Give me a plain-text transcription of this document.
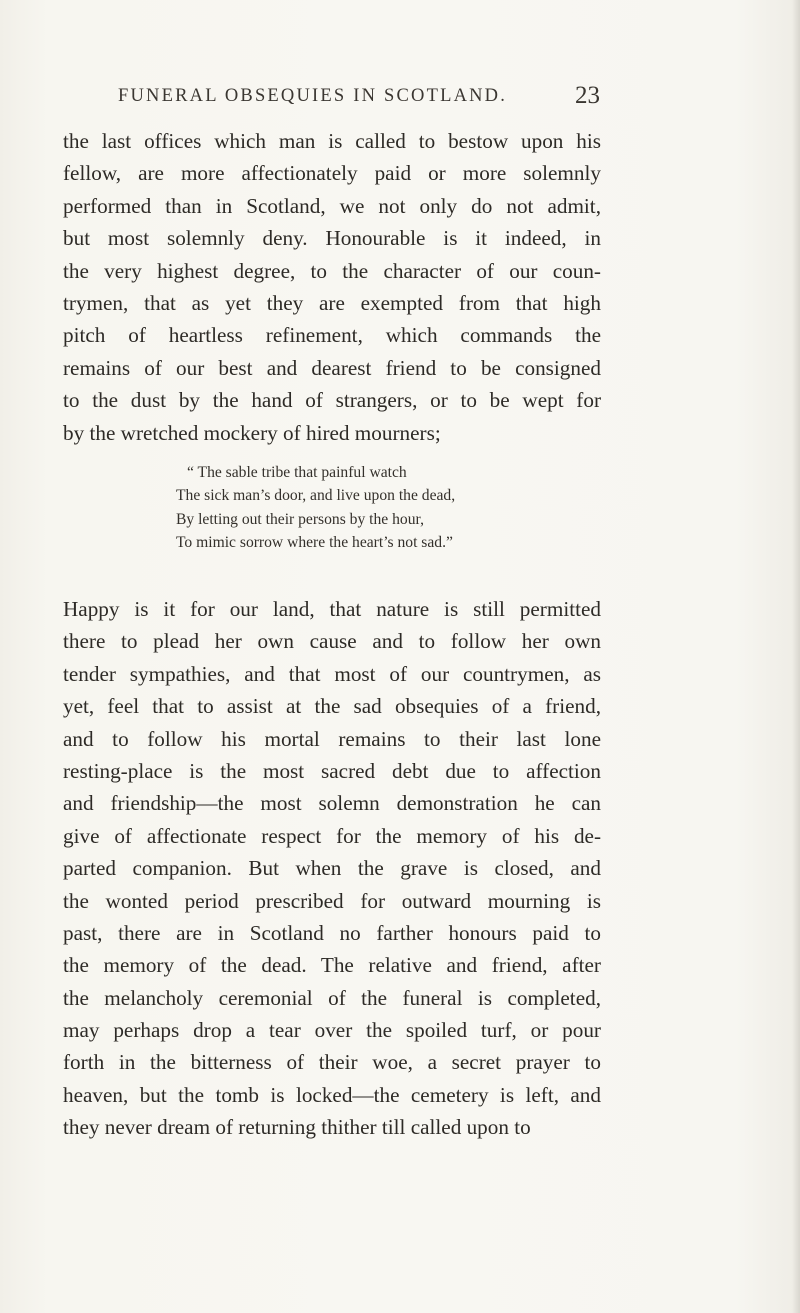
FUNERAL OBSEQUIES IN SCOTLAND.	23
the last offices which man is called to bestow upon his
fellow, are more affectionately paid or more solemnly
performed than in Scotland, we not only do not admit,
but most solemnly deny. Honourable is it indeed, in
the very highest degree, to the character of our coun-
trymen, that as yet they are exempted from that high
pitch of heartless refinement, which commands the
remains of our best and dearest friend to be consigned
to the dust by the hand of strangers, or to be wept for
by the wretched mockery of hired mourners;
“ The sable tribe that painful watch
The sick man’s door, and live upon the dead,
By letting out their persons by the hour,
To mimic sorrow where the heart’s not sad.”
Happy is it for our land, that nature is still permitted
there to plead her own cause and to follow her own
tender sympathies, and that most of our countrymen, as
yet, feel that to assist at the sad obsequies of a friend,
and to follow his mortal remains to their last lone
resting-place is the most sacred debt due to affection
and friendship—the most solemn demonstration he can
give of affectionate respect for the memory of his de-
parted companion. But when the grave is closed, and
the wonted period prescribed for outward mourning is
past, there are in Scotland no farther honours paid to
the memory of the dead. The relative and friend, after
the melancholy ceremonial of the funeral is completed,
may perhaps drop a tear over the spoiled turf, or pour
forth in the bitterness of their woe, a secret prayer to
heaven, but the tomb is locked—the cemetery is left, and
they never dream of returning thither till called upon to
